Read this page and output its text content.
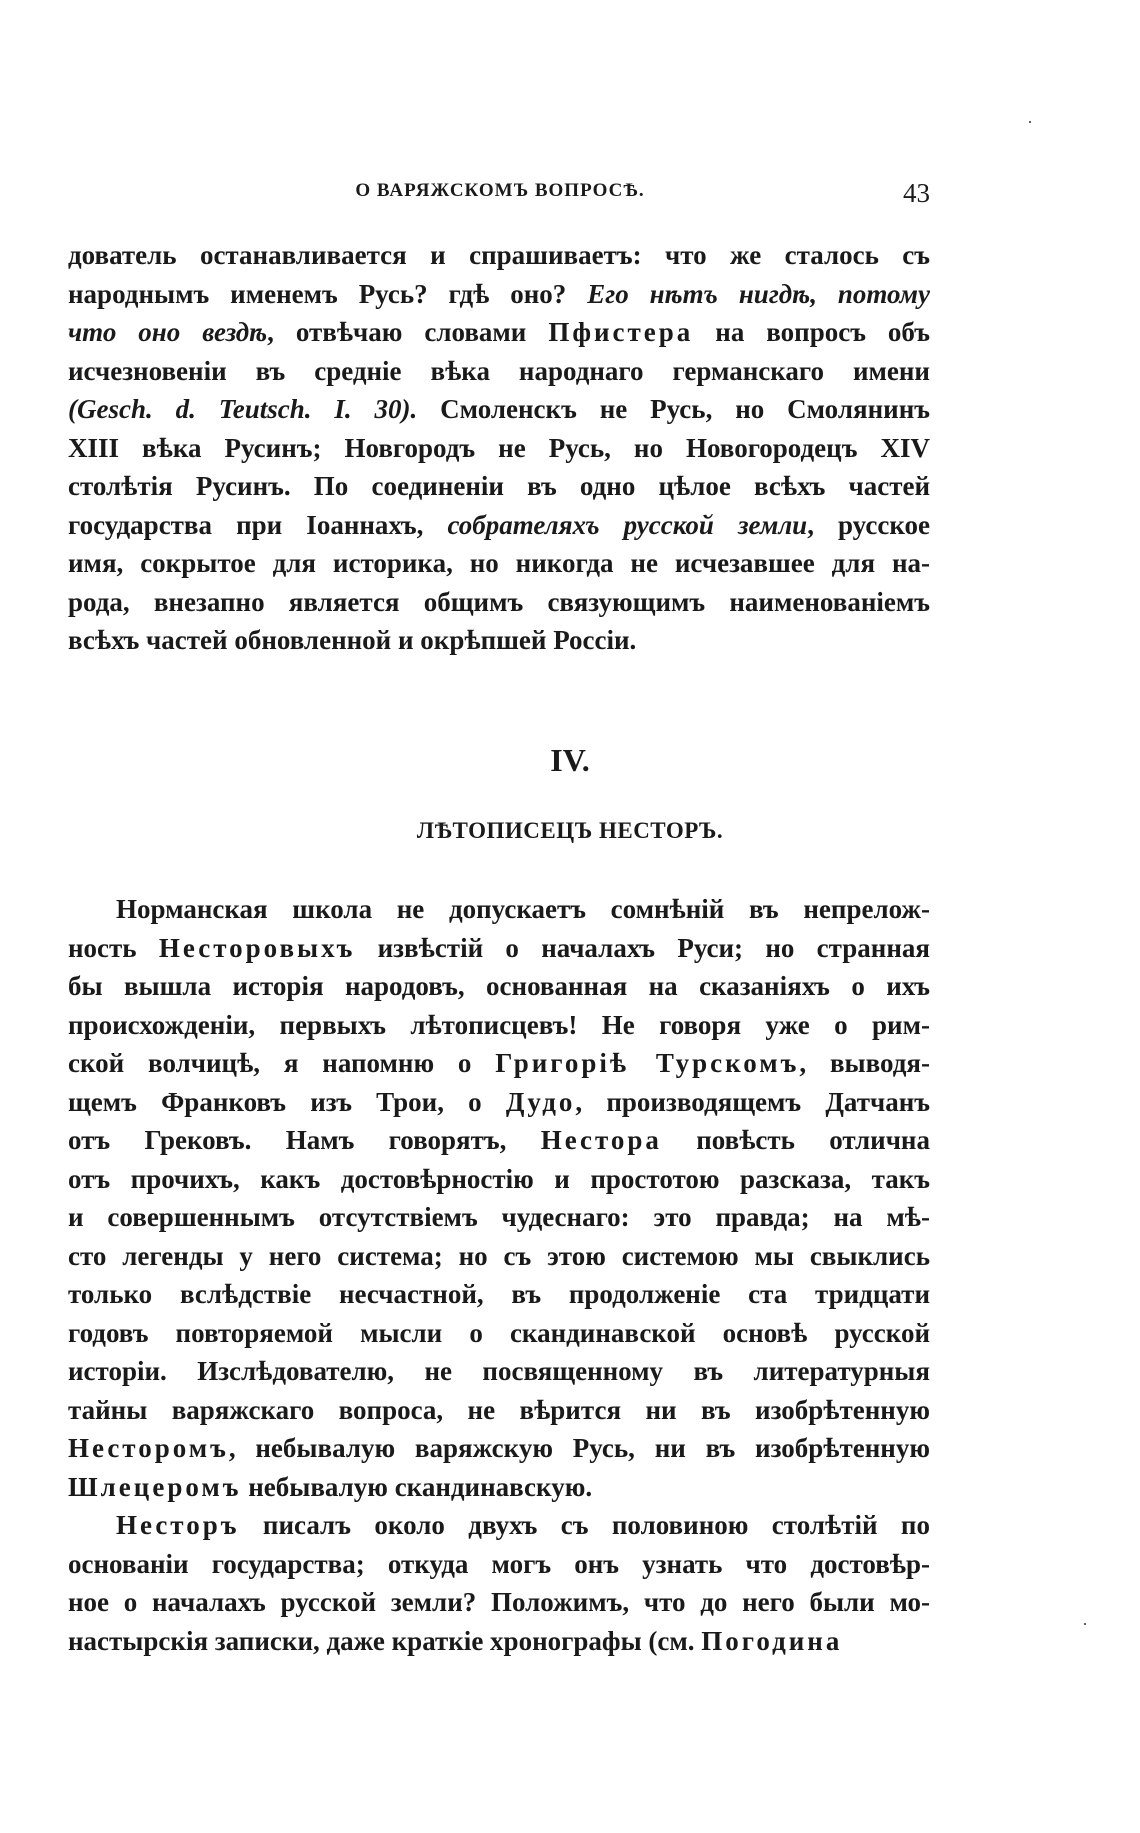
О ВАРЯЖСКОМЪ ВОПРОСѢ.	43
дователь останавливается и спрашиваетъ: что же сталось съ
народнымъ именемъ Русь? гдѣ оно? Его нѣтъ нигдѣ, потому
что оно вездѣ, отвѣчаю словами Пфистера на вопросъ объ
исчезновеніи въ средніе вѣка народнаго германскаго имени
(Gesch. d. Teutsch. I. 30). Смоленскъ не Русь, но Смолянинъ
XIII вѣка Русинъ; Новгородъ не Русь, но Новогородецъ XIV
столѣтія Русинъ. По соединеніи въ одно цѣлое всѣхъ частей
государства при Іоаннахъ, собрателяхъ русской земли, русское
имя, сокрытое для историка, но никогда не исчезавшее для на-
рода, внезапно является общимъ связующимъ наименованіемъ
всѣхъ частей обновленной и окрѣпшей Россіи.
IV.
ЛѢТОПИСЕЦЪ НЕСТОРЪ.
Норманская школа не допускаетъ сомнѣній въ непрелож-
ность Несторовыхъ извѣстій о началахъ Руси; но странная
бы вышла исторія народовъ, основанная на сказаніяхъ о ихъ
происхожденіи, первыхъ лѣтописцевъ! Не говоря уже о рим-
ской волчицѣ, я напомню о Григоріѣ Турскомъ, выводя-
щемъ Франковъ изъ Трои, о Дудо, производящемъ Датчанъ
отъ Грековъ. Намъ говорятъ, Нестора повѣсть отлична
отъ прочихъ, какъ достовѣрностію и простотою разсказа, такъ
и совершеннымъ отсутствіемъ чудеснаго: это правда; на мѣ-
сто легенды у него система; но съ этою системою мы свыклись
только вслѣдствіе несчастной, въ продолженіе ста тридцати
годовъ повторяемой мысли о скандинавской основѣ русской
исторіи. Изслѣдователю, не посвященному въ литературныя
тайны варяжскаго вопроса, не вѣрится ни въ изобрѣтенную
Несторомъ, небывалую варяжскую Русь, ни въ изобрѣтенную
Шлецеромъ небывалую скандинавскую.
Несторъ писалъ около двухъ съ половиною столѣтій по
основаніи государства; откуда могъ онъ узнать что достовѣр-
ное о началахъ русской земли? Положимъ, что до него были мо-
настырскія записки, даже краткіе хронографы (см. Погодина
·
·
